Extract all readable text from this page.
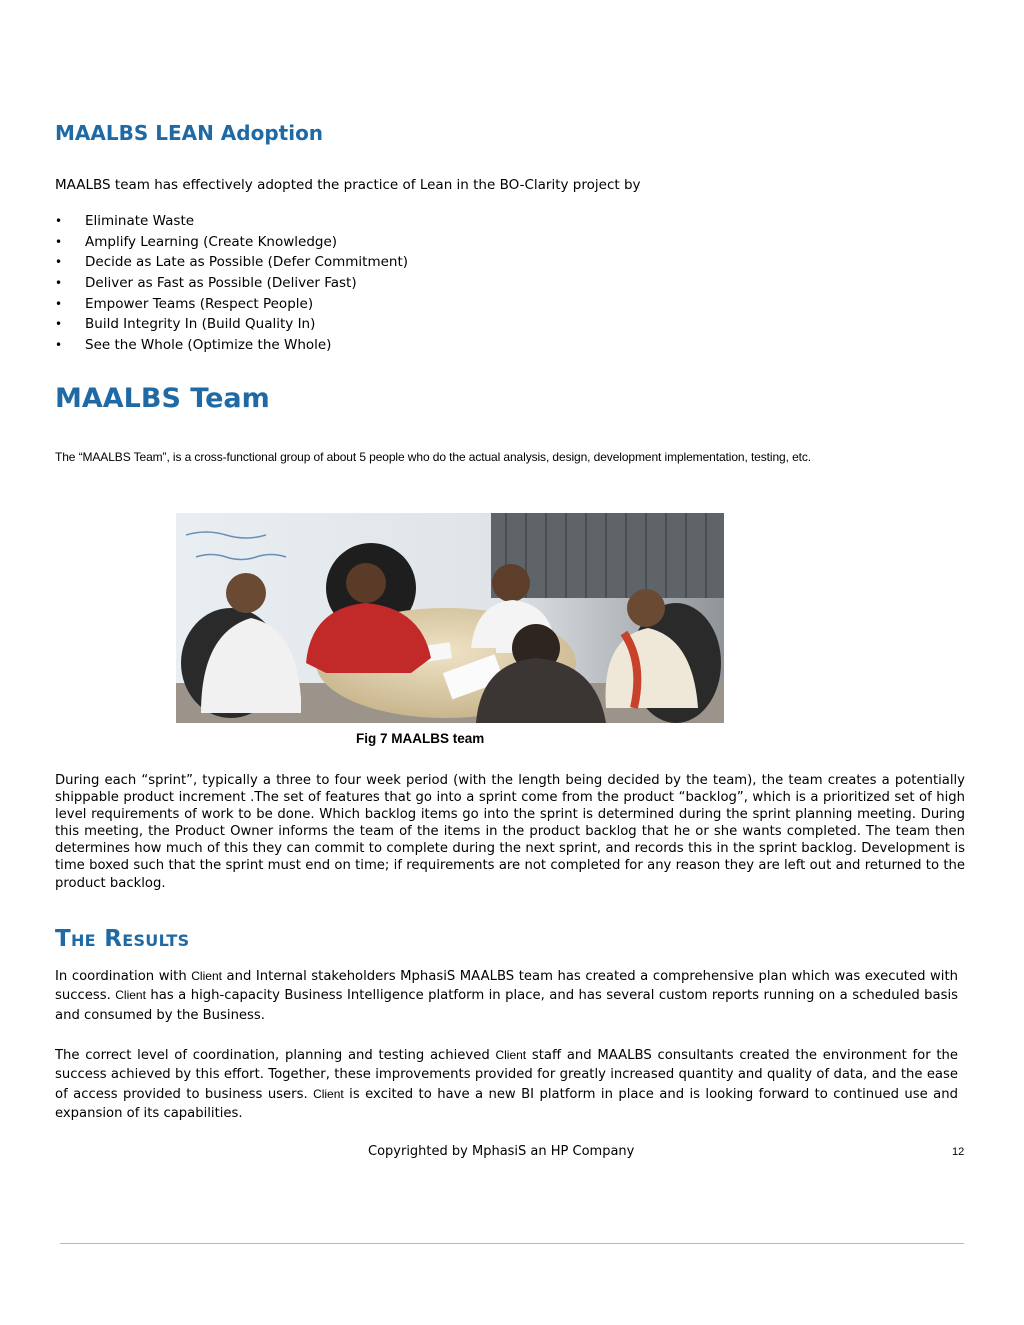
MAALBS LEAN Adoption

MAALBS team has effectively adopted the practice of Lean in the BO-Clarity project by

• Eliminate Waste
• Amplify Learning (Create Knowledge)
• Decide as Late as Possible (Defer Commitment)
• Deliver as Fast as Possible (Deliver Fast)
• Empower Teams (Respect People)
• Build Integrity In (Build Quality In)
• See the Whole (Optimize the Whole)
MAALBS Team

The “MAALBS Team”, is a cross-functional group of about 5 people who do the actual analysis, design, development implementation, testing, etc.

Fig 7 MAALBS team

During each “sprint”, typically a three to four week period (with the length being decided by the team), the team creates a potentially shippable product increment .The set of features that go into a sprint come from the product “backlog”, which is a prioritized set of high level requirements of work to be done. Which backlog items go into the sprint is determined during the sprint planning meeting. During this meeting, the Product Owner informs the team of the items in the product backlog that he or she wants completed. The team then determines how much of this they can commit to complete during the next sprint, and records this in the sprint backlog. Development is time boxed such that the sprint must end on time; if requirements are not completed for any reason they are left out and returned to the product backlog.

The Results

In coordination with Client and Internal stakeholders MphasiS MAALBS team has created a comprehensive plan which was executed with success. Client has a high-capacity Business Intelligence platform in place, and has several custom reports running on a scheduled basis and consumed by the Business.

The correct level of coordination, planning and testing achieved Client staff and MAALBS consultants created the environment for the success achieved by this effort. Together, these improvements provided for greatly increased quantity and quality of data, and the ease of access provided to business users. Client is excited to have a new BI platform in place and is looking forward to continued use and expansion of its capabilities.

Copyrighted by MphasiS an HP Company	12
